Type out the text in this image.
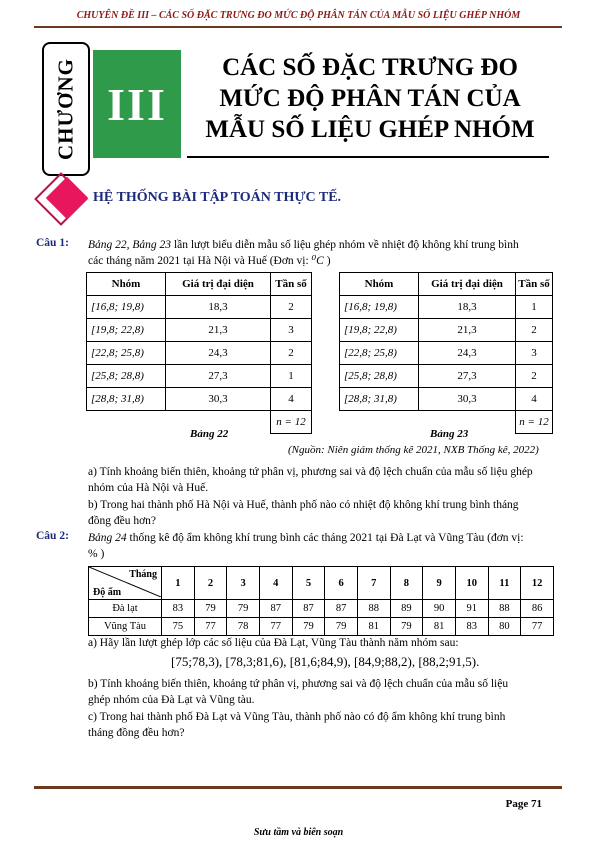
CHUYÊN ĐỀ III – CÁC SỐ ĐẶC TRƯNG ĐO MỨC ĐỘ PHÂN TÁN CỦA MẪU SỐ LIỆU GHÉP NHÓM
CHƯƠNG III
CÁC SỐ ĐẶC TRƯNG ĐO
MỨC ĐỘ PHÂN TÁN CỦA
MẪU SỐ LIỆU GHÉP NHÓM
HỆ THỐNG BÀI TẬP TOÁN THỰC TẾ.
Câu 1: Bảng 22, Bảng 23 lần lượt biểu diễn mẫu số liệu ghép nhóm về nhiệt độ không khí trung bình
các tháng năm 2021 tại Hà Nội và Huế (Đơn vị: ⁰C )
Nhóm	Giá trị đại diện	Tần số
[16,8; 19,8)	18,3	2
[19,8; 22,8)	21,3	3
[22,8; 25,8)	24,3	2
[25,8; 28,8)	27,3	1
[28,8; 31,8)	30,3	4
		n = 12
Bảng 22
Nhóm	Giá trị đại diện	Tần số
[16,8; 19,8)	18,3	1
[19,8; 22,8)	21,3	2
[22,8; 25,8)	24,3	3
[25,8; 28,8)	27,3	2
[28,8; 31,8)	30,3	4
		n = 12
Bảng 23
(Nguồn: Niên giám thống kê 2021, NXB Thống kê, 2022)
a) Tính khoảng biến thiên, khoảng tứ phân vị, phương sai và độ lệch chuẩn của mẫu số liệu ghép
nhóm của Hà Nội và Huế.
b) Trong hai thành phố Hà Nội và Huế, thành phố nào có nhiệt độ không khí trung bình tháng
đồng đều hơn?
Câu 2: Bảng 24 thống kê độ ẩm không khí trung bình các tháng 2021 tại Đà Lạt và Vũng Tàu (đơn vị:
% )
Tháng
Độ ẩm	1	2	3	4	5	6	7	8	9	10	11	12
Đà lạt	83	79	79	87	87	87	88	89	90	91	88	86
Vũng Tàu	75	77	78	77	79	79	81	79	81	83	80	77
a) Hãy lần lượt ghép lớp các số liệu của Đà Lạt, Vũng Tàu thành năm nhóm sau:
[75;78,3), [78,3;81,6), [81,6;84,9), [84,9;88,2), [88,2;91,5).
b) Tính khoảng biến thiên, khoảng tứ phân vị, phương sai và độ lệch chuẩn của mẫu số liệu
ghép nhóm của Đà Lạt và Vũng tàu.
c) Trong hai thành phố Đà Lạt và Vũng Tàu, thành phố nào có độ ẩm không khí trung bình
tháng đồng đều hơn?
Page 71
Sưu tầm và biên soạn
